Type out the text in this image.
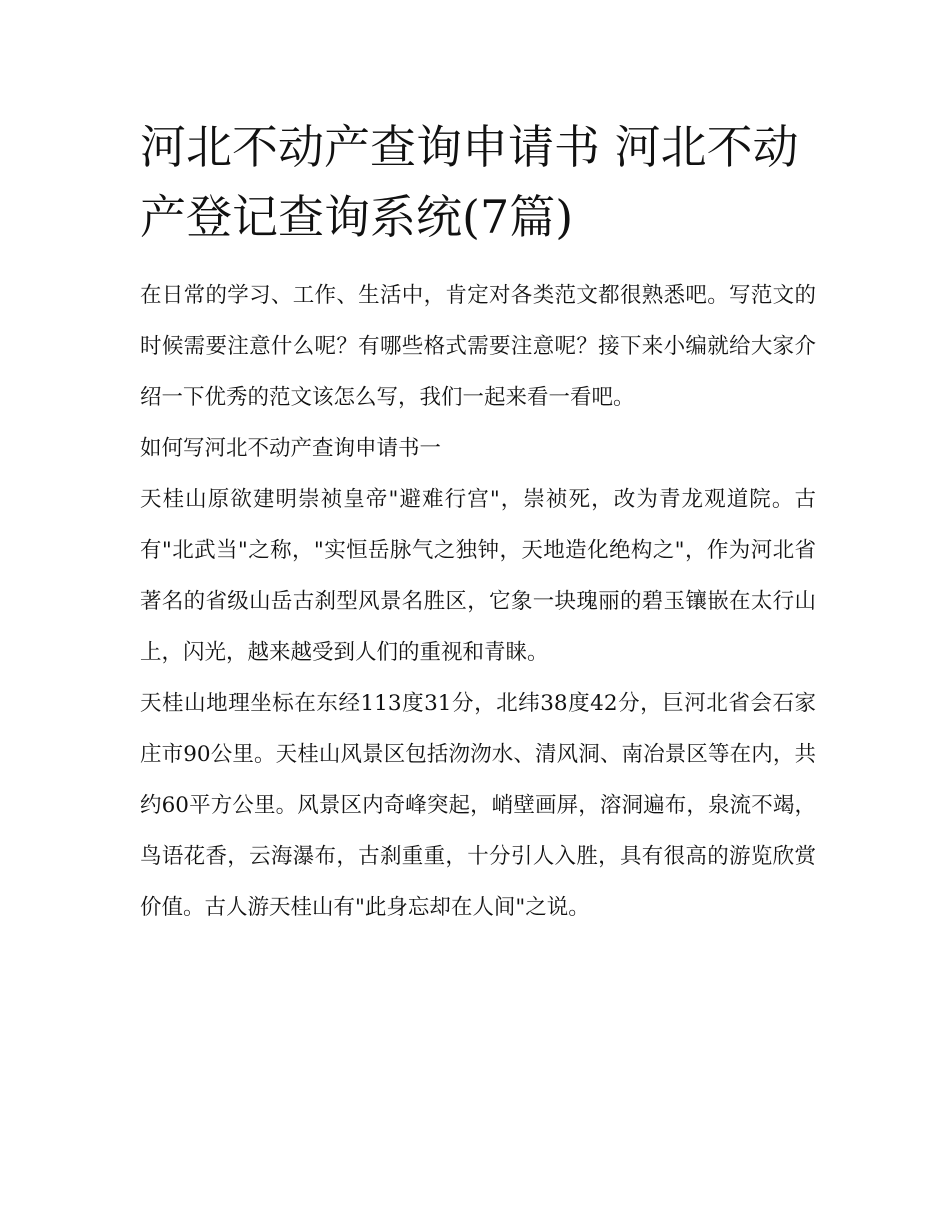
河北不动产查询申请书 河北不动产登记查询系统(7篇)

在日常的学习、工作、生活中，肯定对各类范文都很熟悉吧。写范文的时候需要注意什么呢？有哪些格式需要注意呢？接下来小编就给大家介绍一下优秀的范文该怎么写，我们一起来看一看吧。

如何写河北不动产查询申请书一

天桂山原欲建明崇祯皇帝"避难行宫"，崇祯死，改为青龙观道院。古有"北武当"之称，"实恒岳脉气之独钟，天地造化绝构之"，作为河北省著名的省级山岳古刹型风景名胜区，它象一块瑰丽的碧玉镶嵌在太行山上，闪光，越来越受到人们的重视和青睐。

天桂山地理坐标在东经113度31分，北纬38度42分，巨河北省会石家庄市90公里。天桂山风景区包括沕沕水、清风洞、南冶景区等在内，共约60平方公里。风景区内奇峰突起，峭壁画屏，溶洞遍布，泉流不竭，鸟语花香，云海瀑布，古刹重重，十分引人入胜，具有很高的游览欣赏价值。古人游天桂山有"此身忘却在人间"之说。
